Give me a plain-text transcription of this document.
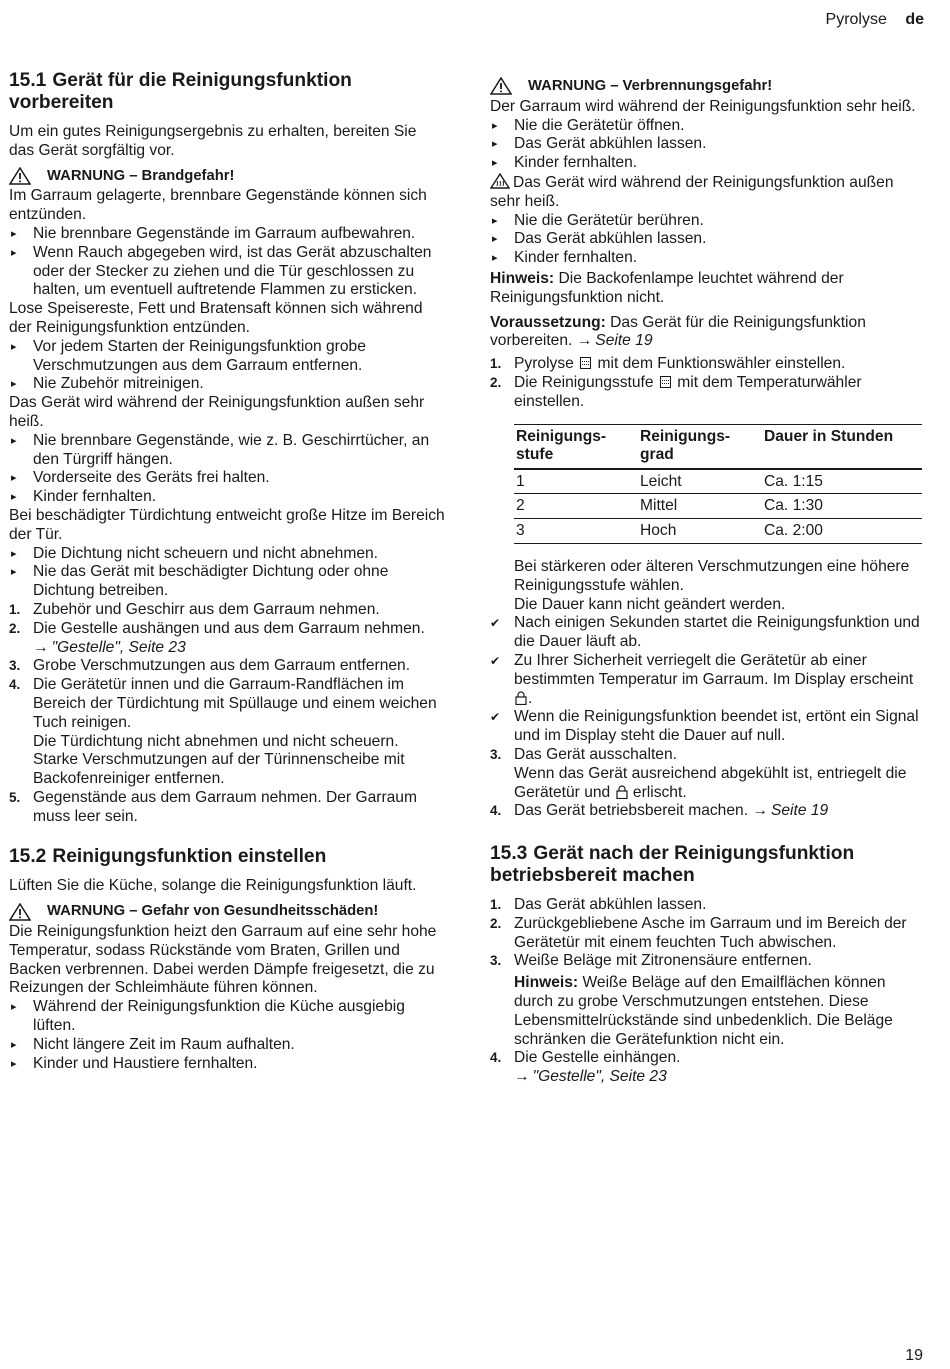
Pyrolyse de
15.1 Gerät für die Reinigungsfunktion vorbereiten

Um ein gutes Reinigungsergebnis zu erhalten, bereiten Sie das Gerät sorgfältig vor.

WARNUNG – Brandgefahr!

Im Garraum gelagerte, brennbare Gegenstände können sich entzünden.

▸ Nie brennbare Gegenstände im Garraum aufbewahren.
▸ Wenn Rauch abgegeben wird, ist das Gerät abzuschalten oder der Stecker zu ziehen und die Tür geschlossen zu halten, um eventuell auftretende Flammen zu ersticken.

Lose Speisereste, Fett und Bratensaft können sich während der Reinigungsfunktion entzünden.

▸ Vor jedem Starten der Reinigungsfunktion grobe Verschmutzungen aus dem Garraum entfernen.
▸ Nie Zubehör mitreinigen.

Das Gerät wird während der Reinigungsfunktion außen sehr heiß.

▸ Nie brennbare Gegenstände, wie z. B. Geschirrtücher, an den Türgriff hängen.
▸ Vorderseite des Geräts frei halten.
▸ Kinder fernhalten.

Bei beschädigter Türdichtung entweicht große Hitze im Bereich der Tür.

▸ Die Dichtung nicht scheuern und nicht abnehmen.
▸ Nie das Gerät mit beschädigter Dichtung oder ohne Dichtung betreiben.
1. Zubehör und Geschirr aus dem Garraum nehmen.
2. Die Gestelle aushängen und aus dem Garraum nehmen.
→ "Gestelle", Seite 23
3. Grobe Verschmutzungen aus dem Garraum entfernen.
4. Die Gerätetür innen und die Garraum-Randflächen im Bereich der Türdichtung mit Spüllauge und einem weichen Tuch reinigen.
Die Türdichtung nicht abnehmen und nicht scheuern.
Starke Verschmutzungen auf der Türinnenscheibe mit Backofenreiniger entfernen.
5. Gegenstände aus dem Garraum nehmen. Der Garraum muss leer sein.
15.2 Reinigungsfunktion einstellen

Lüften Sie die Küche, solange die Reinigungsfunktion läuft.

WARNUNG – Gefahr von Gesundheitsschäden!

Die Reinigungsfunktion heizt den Garraum auf eine sehr hohe Temperatur, sodass Rückstände vom Braten, Grillen und Backen verbrennen. Dabei werden Dämpfe freigesetzt, die zu Reizungen der Schleimhäute führen können.

▸ Während der Reinigungsfunktion die Küche ausgiebig lüften.
▸ Nicht längere Zeit im Raum aufhalten.
▸ Kinder und Haustiere fernhalten.
WARNUNG – Verbrennungsgefahr!

Der Garraum wird während der Reinigungsfunktion sehr heiß.

▸ Nie die Gerätetür öffnen.
▸ Das Gerät abkühlen lassen.
▸ Kinder fernhalten.

Das Gerät wird während der Reinigungsfunktion außen sehr heiß.

▸ Nie die Gerätetür berühren.
▸ Das Gerät abkühlen lassen.
▸ Kinder fernhalten.

Hinweis: Die Backofenlampe leuchtet während der Reinigungsfunktion nicht.

Voraussetzung: Das Gerät für die Reinigungsfunktion vorbereiten. → Seite 19

1. Pyrolyse mit dem Funktionswähler einstellen.
2. Die Reinigungsstufe mit dem Temperaturwähler einstellen.
Reinigungs-stufe	Reinigungs-grad	Dauer in Stunden
1	Leicht	Ca. 1:15
2	Mittel	Ca. 1:30
3	Hoch	Ca. 2:00

Bei stärkeren oder älteren Verschmutzungen eine höhere Reinigungsstufe wählen.

Die Dauer kann nicht geändert werden.

✔ Nach einigen Sekunden startet die Reinigungsfunktion und die Dauer läuft ab.
✔ Zu Ihrer Sicherheit verriegelt die Gerätetür ab einer bestimmten Temperatur im Garraum. Im Display erscheint .
✔ Wenn die Reinigungsfunktion beendet ist, ertönt ein Signal und im Display steht die Dauer auf null.
3. Das Gerät ausschalten.
Wenn das Gerät ausreichend abgekühlt ist, entriegelt die Gerätetür und erlischt.
4. Das Gerät betriebsbereit machen. → Seite 19
15.3 Gerät nach der Reinigungsfunktion betriebsbereit machen
1. Das Gerät abkühlen lassen.
2. Zurückgebliebene Asche im Garraum und im Bereich der Gerätetür mit einem feuchten Tuch abwischen.
3. Weiße Beläge mit Zitronensäure entfernen.

Hinweis: Weiße Beläge auf den Emailflächen können durch zu grobe Verschmutzungen entstehen. Diese Lebensmittelrückstände sind unbedenklich. Die Beläge schränken die Gerätefunktion nicht ein.

4. Die Gestelle einhängen.
→ "Gestelle", Seite 23
19
